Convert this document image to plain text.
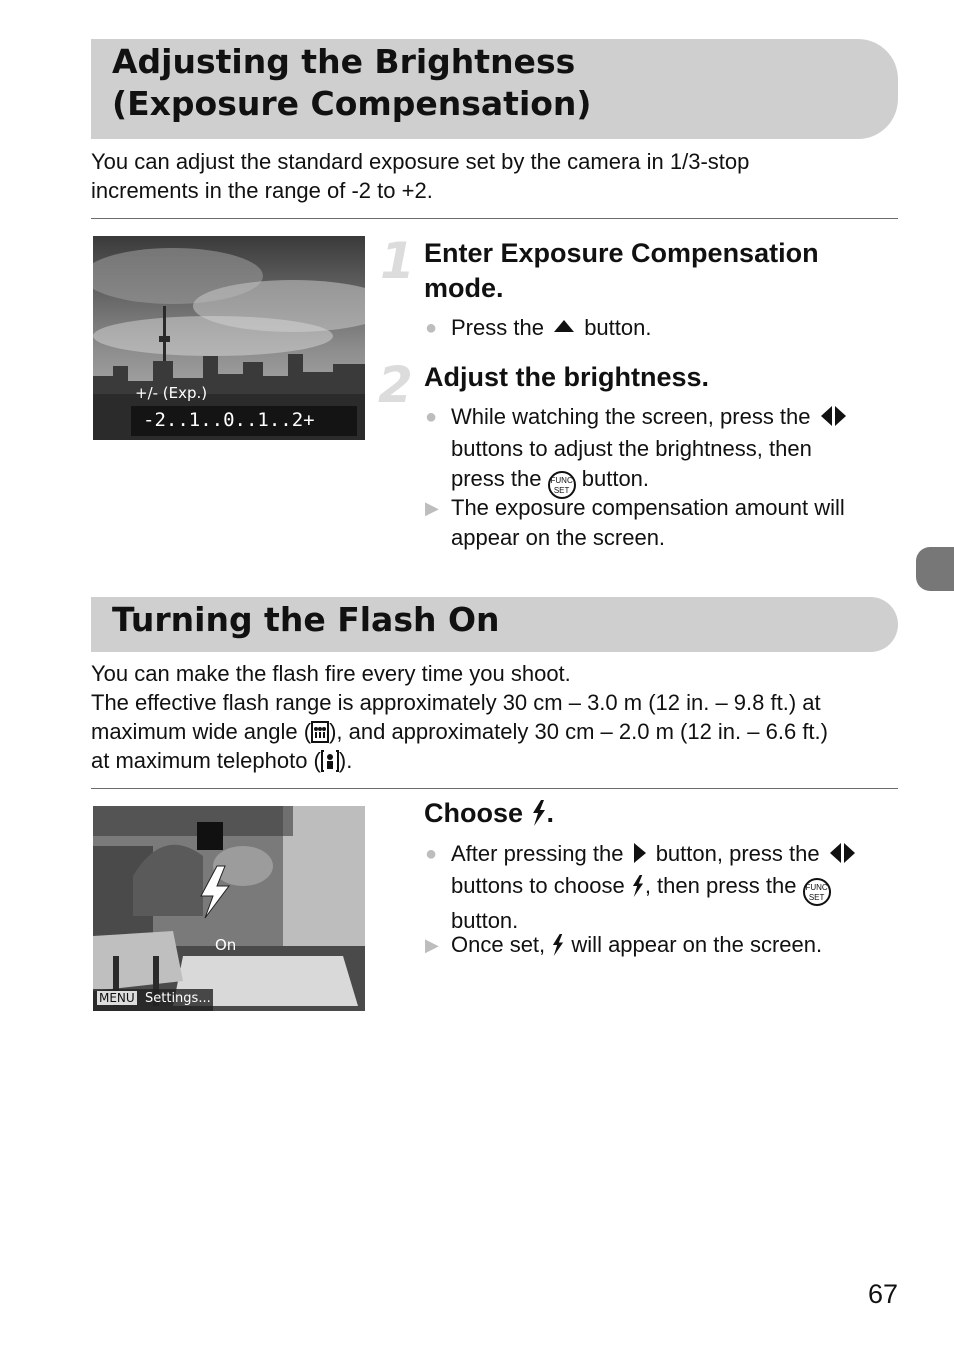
Adjusting the Brightness
(Exposure Compensation)

You can adjust the standard exposure set by the camera in 1/3-stop

increments in the range of -2 to +2.

+/- (Exp.)
-2..1..0..1..2+
1 Enter Exposure Compensation
mode.
● Press the button.
2 Adjust the brightness.
● While watching the screen, press the
buttons to adjust the brightness, then
press the FUNC
SET button.
▶ The exposure compensation amount will
appear on the screen.
Turning the Flash On

You can make the flash fire every time you shoot.

The effective flash range is approximately 30 cm – 3.0 m (12 in. – 9.8 ft.) at

maximum wide angle ( ), and approximately 30 cm – 2.0 m (12 in. – 6.6 ft.)

at maximum telephoto ( ).

On
MENU Settings...
Choose .
● After pressing the button, press the
buttons to choose , then press the FUNC
SET
button.
▶ Once set, will appear on the screen.
67
